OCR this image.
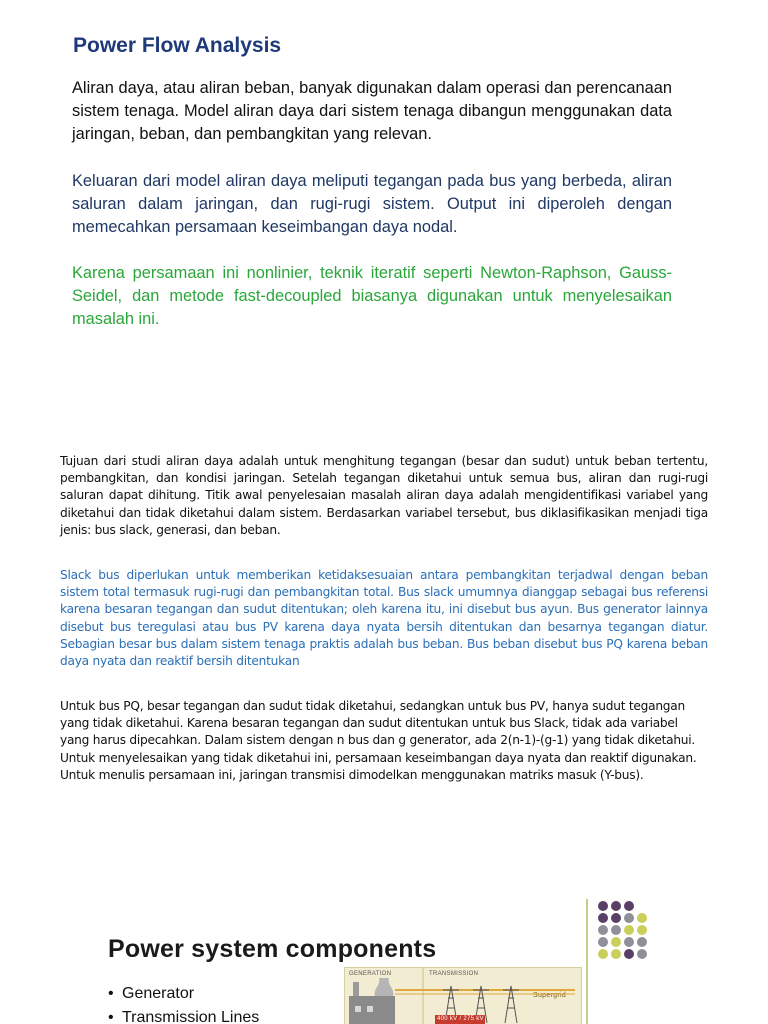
Power Flow Analysis
Aliran daya, atau aliran beban, banyak digunakan dalam operasi dan perencanaan sistem tenaga. Model aliran daya dari sistem tenaga dibangun menggunakan data jaringan, beban, dan pembangkitan yang relevan.
Keluaran dari model aliran daya meliputi tegangan pada bus yang berbeda, aliran saluran dalam jaringan, dan rugi-rugi sistem. Output ini diperoleh dengan memecahkan persamaan keseimbangan daya nodal.
Karena persamaan ini nonlinier, teknik iteratif seperti Newton-Raphson, Gauss-Seidel, dan metode fast-decoupled biasanya digunakan untuk menyelesaikan masalah ini.
Tujuan dari studi aliran daya adalah untuk menghitung tegangan (besar dan sudut) untuk beban tertentu, pembangkitan, dan kondisi jaringan. Setelah tegangan diketahui untuk semua bus, aliran dan rugi-rugi saluran dapat dihitung. Titik awal penyelesaian masalah aliran daya adalah mengidentifikasi variabel yang diketahui dan tidak diketahui dalam sistem. Berdasarkan variabel tersebut, bus diklasifikasikan menjadi tiga jenis: bus slack, generasi, dan beban.
Slack bus diperlukan untuk memberikan ketidaksesuaian antara pembangkitan terjadwal dengan beban sistem total termasuk rugi-rugi dan pembangkitan total. Bus slack umumnya dianggap sebagai bus referensi karena besaran tegangan dan sudut ditentukan; oleh karena itu, ini disebut bus ayun. Bus generator lainnya disebut bus teregulasi atau bus PV karena daya nyata bersih ditentukan dan besarnya tegangan diatur. Sebagian besar bus dalam sistem tenaga praktis adalah bus beban. Bus beban disebut bus PQ karena beban daya nyata dan reaktif bersih ditentukan
Untuk bus PQ, besar tegangan dan sudut tidak diketahui, sedangkan untuk bus PV, hanya sudut tegangan yang tidak diketahui. Karena besaran tegangan dan sudut ditentukan untuk bus Slack, tidak ada variabel yang harus dipecahkan. Dalam sistem dengan n bus dan g generator, ada 2(n-1)-(g-1) yang tidak diketahui. Untuk menyelesaikan yang tidak diketahui ini, persamaan keseimbangan daya nyata dan reaktif digunakan. Untuk menulis persamaan ini, jaringan transmisi dimodelkan menggunakan matriks masuk (Y-bus).
Power system components
• Generator
• Transmission Lines
GENERATION	TRANSMISSION
Supergrid
400 kV / 275 kV
